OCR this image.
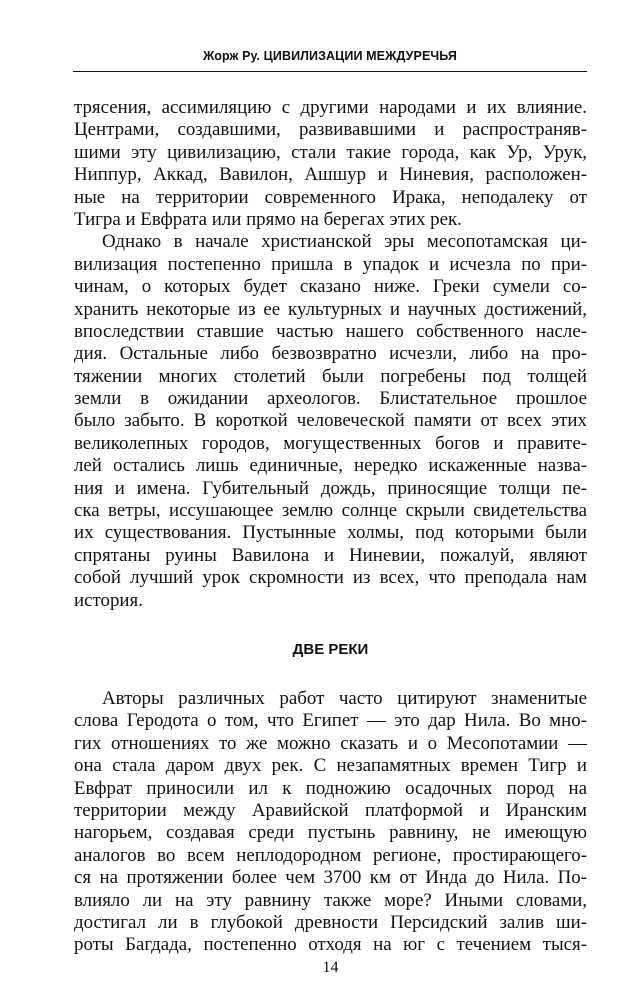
Жорж Ру. ЦИВИЛИЗАЦИИ МЕЖДУРЕЧЬЯ
трясения, ассимиляцию с другими народами и их влияние.
Центрами, создавшими, развивавшими и распространяв-
шими эту цивилизацию, стали такие города, как Ур, Урук,
Ниппур, Аккад, Вавилон, Ашшур и Ниневия, расположен-
ные на территории современного Ирака, неподалеку от
Тигра и Евфрата или прямо на берегах этих рек.
Однако в начале христианской эры месопотамская ци-
вилизация постепенно пришла в упадок и исчезла по при-
чинам, о которых будет сказано ниже. Греки сумели со-
хранить некоторые из ее культурных и научных достижений,
впоследствии ставшие частью нашего собственного насле-
дия. Остальные либо безвозвратно исчезли, либо на про-
тяжении многих столетий были погребены под толщей
земли в ожидании археологов. Блистательное прошлое
было забыто. В короткой человеческой памяти от всех этих
великолепных городов, могущественных богов и правите-
лей остались лишь единичные, нередко искаженные назва-
ния и имена. Губительный дождь, приносящие толщи пе-
ска ветры, иссушающее землю солнце скрыли свидетельства
их существования. Пустынные холмы, под которыми были
спрятаны руины Вавилона и Ниневии, пожалуй, являют
собой лучший урок скромности из всех, что преподала нам
история.
ДВЕ РЕКИ
Авторы различных работ часто цитируют знаменитые
слова Геродота о том, что Египет — это дар Нила. Во мно-
гих отношениях то же можно сказать и о Месопотамии —
она стала даром двух рек. С незапамятных времен Тигр и
Евфрат приносили ил к подножию осадочных пород на
территории между Аравийской платформой и Иранским
нагорьем, создавая среди пустынь равнину, не имеющую
аналогов во всем неплодородном регионе, простирающего-
ся на протяжении более чем 3700 км от Инда до Нила. По-
влияло ли на эту равнину также море? Иными словами,
достигал ли в глубокой древности Персидский залив ши-
роты Багдада, постепенно отходя на юг с течением тыся-
14
